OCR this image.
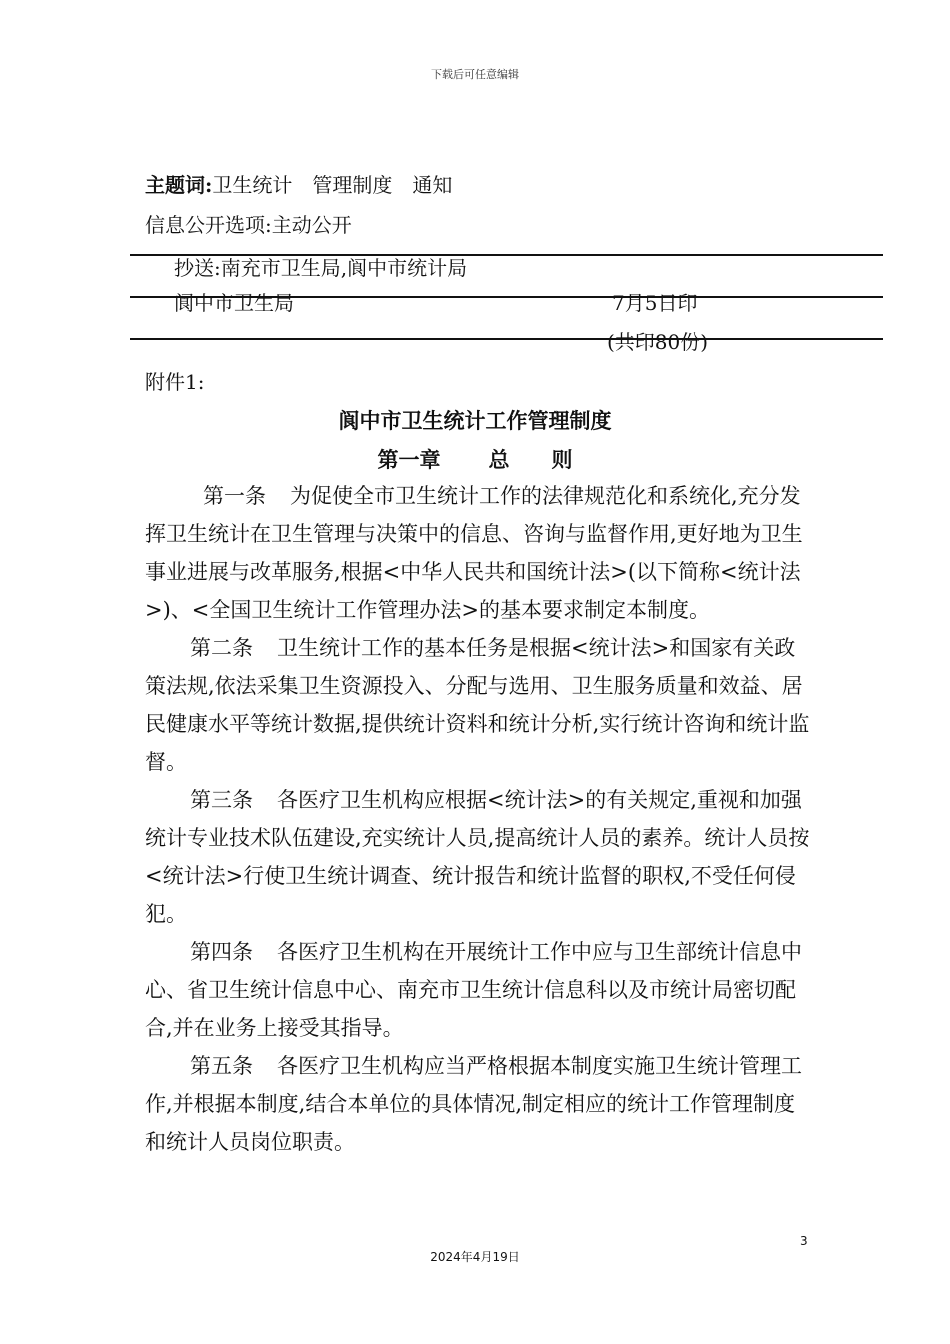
下载后可任意编辑
主题词:卫生统计　管理制度　通知
信息公开选项:主动公开
抄送:南充市卫生局,阆中市统计局
阆中市卫生局	7月5日印
(共印80份)
附件1:
阆中市卫生统计工作管理制度
第一章 总 则

第一条 为促使全市卫生统计工作的法律规范化和系统化,充分发挥卫生统计在卫生管理与决策中的信息、咨询与监督作用,更好地为卫生事业进展与改革服务,根据<中华人民共和国统计法>(以下简称<统计法>)、<全国卫生统计工作管理办法>的基本要求制定本制度。

第二条 卫生统计工作的基本任务是根据<统计法>和国家有关政策法规,依法采集卫生资源投入、分配与选用、卫生服务质量和效益、居民健康水平等统计数据,提供统计资料和统计分析,实行统计咨询和统计监督。

第三条 各医疗卫生机构应根据<统计法>的有关规定,重视和加强统计专业技术队伍建设,充实统计人员,提高统计人员的素养。统计人员按<统计法>行使卫生统计调查、统计报告和统计监督的职权,不受任何侵犯。

第四条 各医疗卫生机构在开展统计工作中应与卫生部统计信息中心、省卫生统计信息中心、南充市卫生统计信息科以及市统计局密切配合,并在业务上接受其指导。

第五条 各医疗卫生机构应当严格根据本制度实施卫生统计管理工作,并根据本制度,结合本单位的具体情况,制定相应的统计工作管理制度和统计人员岗位职责。

3
2024年4月19日
